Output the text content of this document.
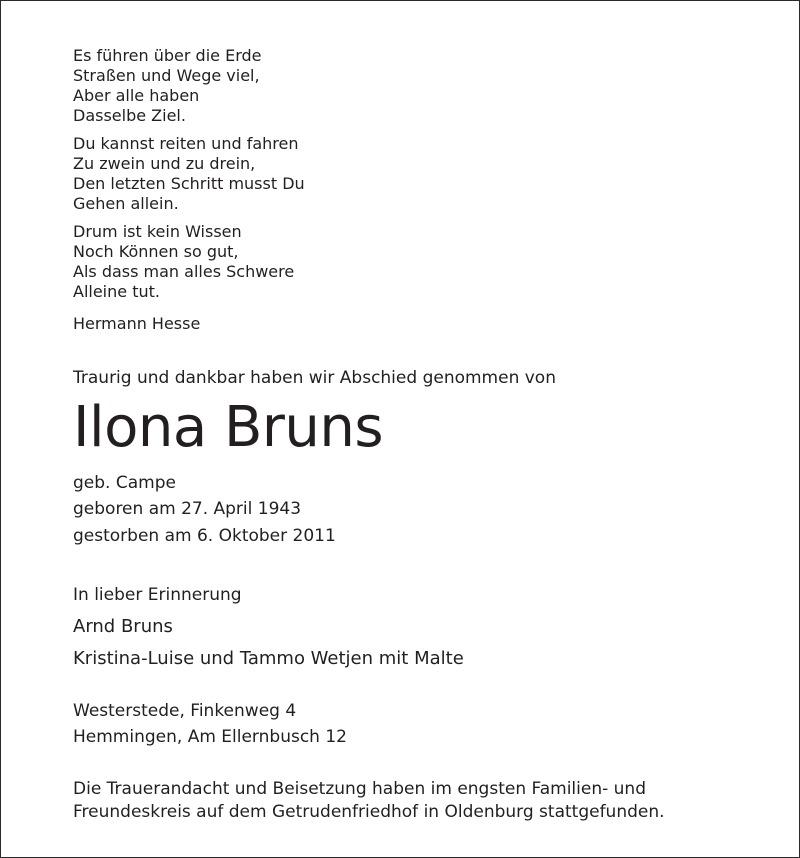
Es führen über die Erde
Straßen und Wege viel,
Aber alle haben
Dasselbe Ziel.
Du kannst reiten und fahren
Zu zwein und zu drein,
Den letzten Schritt musst Du
Gehen allein.
Drum ist kein Wissen
Noch Können so gut,
Als dass man alles Schwere
Alleine tut.
Hermann Hesse
Traurig und dankbar haben wir Abschied genommen von
Ilona Bruns
geb. Campe
geboren am 27. April 1943
gestorben am 6. Oktober 2011
In lieber Erinnerung
Arnd Bruns
Kristina-Luise und Tammo Wetjen mit Malte
Westerstede, Finkenweg 4
Hemmingen, Am Ellernbusch 12
Die Trauerandacht und Beisetzung haben im engsten Familien- und
Freundeskreis auf dem Getrudenfriedhof in Oldenburg stattgefunden.
